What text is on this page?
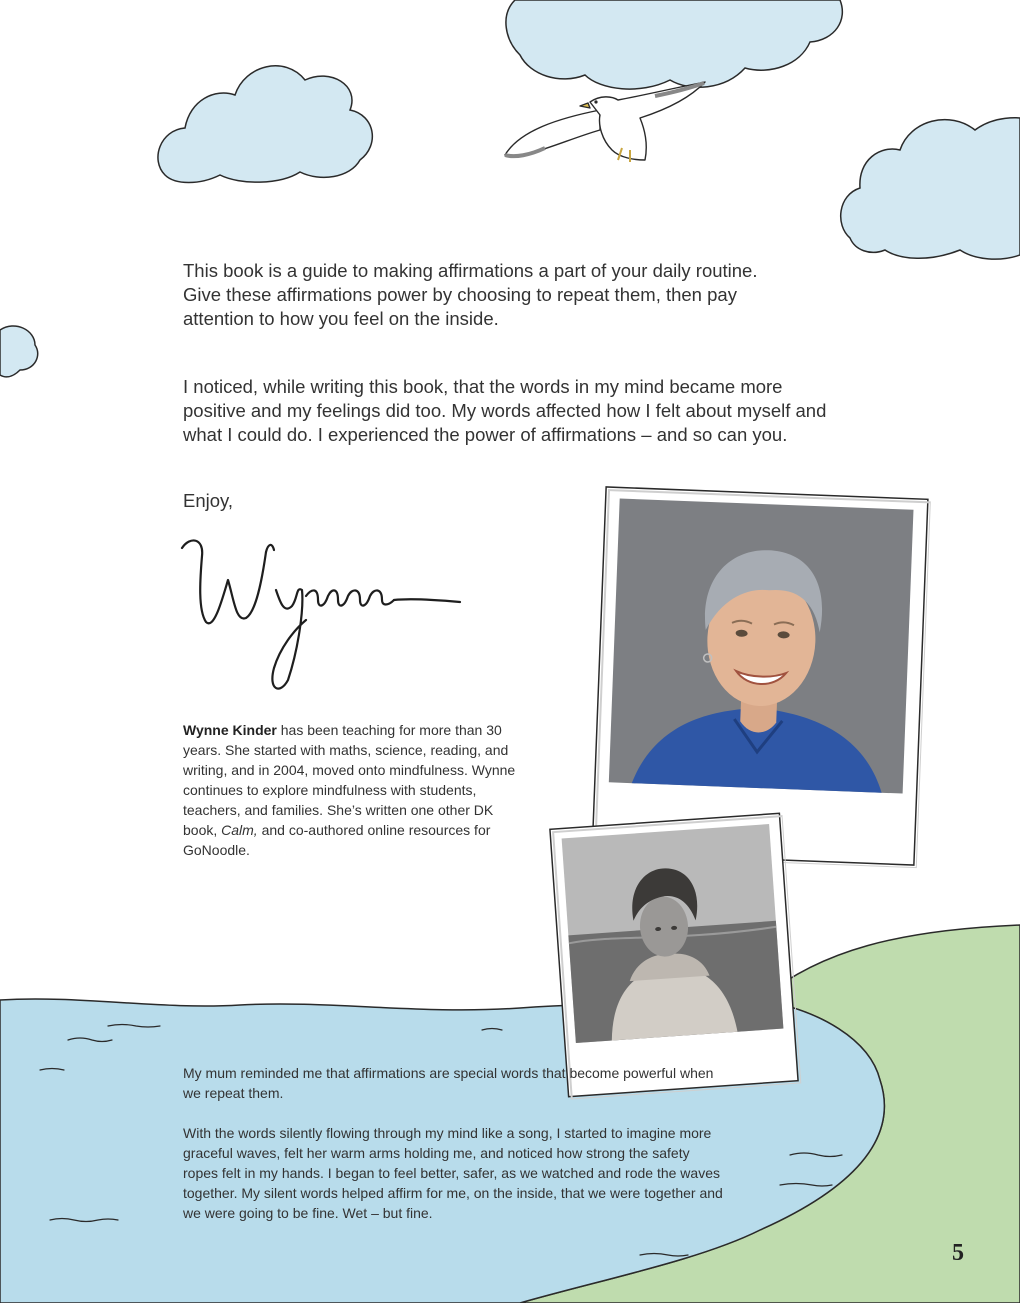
This book is a guide to making affirmations a part of your daily routine. Give these affirmations power by choosing to repeat them, then pay attention to how you feel on the inside.

I noticed, while writing this book, that the words in my mind became more positive and my feelings did too. My words affected how I felt about myself and what I could do. I experienced the power of affirmations – and so can you.

Enjoy,

Wynne Kinder has been teaching for more than 30 years. She started with maths, science, reading, and writing, and in 2004, moved onto mindfulness. Wynne continues to explore mindfulness with students, teachers, and families. She’s written one other DK book, Calm, and co-authored online resources for GoNoodle.

My mum reminded me that affirmations are special words that become powerful when we repeat them.

With the words silently flowing through my mind like a song, I started to imagine more graceful waves, felt her warm arms holding me, and noticed how strong the safety ropes felt in my hands. I began to feel better, safer, as we watched and rode the waves together. My silent words helped affirm for me, on the inside, that we were together and we were going to be fine. Wet – but fine.

5
